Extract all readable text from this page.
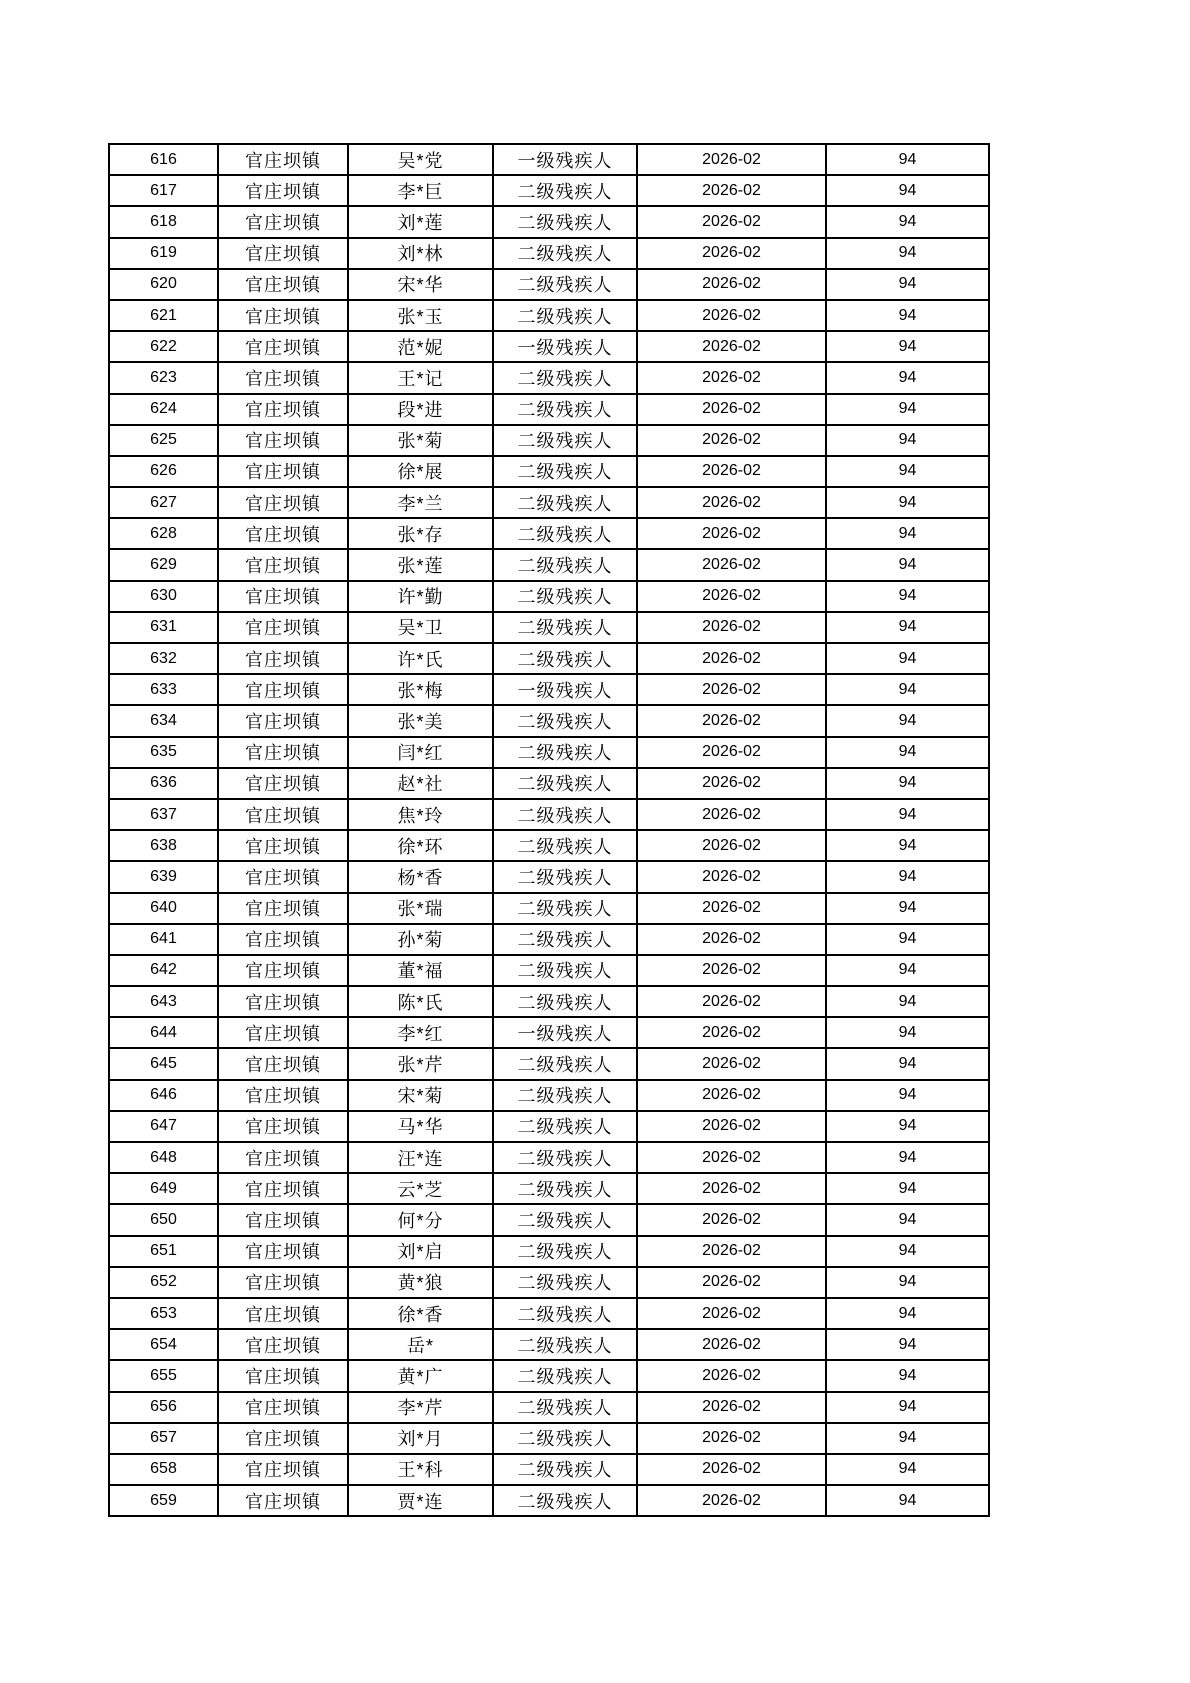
616	官庄坝镇	吴*党	一级残疾人	2026-02	94
617	官庄坝镇	李*巨	二级残疾人	2026-02	94
618	官庄坝镇	刘*莲	二级残疾人	2026-02	94
619	官庄坝镇	刘*林	二级残疾人	2026-02	94
620	官庄坝镇	宋*华	二级残疾人	2026-02	94
621	官庄坝镇	张*玉	二级残疾人	2026-02	94
622	官庄坝镇	范*妮	一级残疾人	2026-02	94
623	官庄坝镇	王*记	二级残疾人	2026-02	94
624	官庄坝镇	段*进	二级残疾人	2026-02	94
625	官庄坝镇	张*菊	二级残疾人	2026-02	94
626	官庄坝镇	徐*展	二级残疾人	2026-02	94
627	官庄坝镇	李*兰	二级残疾人	2026-02	94
628	官庄坝镇	张*存	二级残疾人	2026-02	94
629	官庄坝镇	张*莲	二级残疾人	2026-02	94
630	官庄坝镇	许*勤	二级残疾人	2026-02	94
631	官庄坝镇	吴*卫	二级残疾人	2026-02	94
632	官庄坝镇	许*氏	二级残疾人	2026-02	94
633	官庄坝镇	张*梅	一级残疾人	2026-02	94
634	官庄坝镇	张*美	二级残疾人	2026-02	94
635	官庄坝镇	闫*红	二级残疾人	2026-02	94
636	官庄坝镇	赵*社	二级残疾人	2026-02	94
637	官庄坝镇	焦*玲	二级残疾人	2026-02	94
638	官庄坝镇	徐*环	二级残疾人	2026-02	94
639	官庄坝镇	杨*香	二级残疾人	2026-02	94
640	官庄坝镇	张*瑞	二级残疾人	2026-02	94
641	官庄坝镇	孙*菊	二级残疾人	2026-02	94
642	官庄坝镇	董*福	二级残疾人	2026-02	94
643	官庄坝镇	陈*氏	二级残疾人	2026-02	94
644	官庄坝镇	李*红	一级残疾人	2026-02	94
645	官庄坝镇	张*芹	二级残疾人	2026-02	94
646	官庄坝镇	宋*菊	二级残疾人	2026-02	94
647	官庄坝镇	马*华	二级残疾人	2026-02	94
648	官庄坝镇	汪*连	二级残疾人	2026-02	94
649	官庄坝镇	云*芝	二级残疾人	2026-02	94
650	官庄坝镇	何*分	二级残疾人	2026-02	94
651	官庄坝镇	刘*启	二级残疾人	2026-02	94
652	官庄坝镇	黄*狼	二级残疾人	2026-02	94
653	官庄坝镇	徐*香	二级残疾人	2026-02	94
654	官庄坝镇	岳*	二级残疾人	2026-02	94
655	官庄坝镇	黄*广	二级残疾人	2026-02	94
656	官庄坝镇	李*芹	二级残疾人	2026-02	94
657	官庄坝镇	刘*月	二级残疾人	2026-02	94
658	官庄坝镇	王*科	二级残疾人	2026-02	94
659	官庄坝镇	贾*连	二级残疾人	2026-02	94
